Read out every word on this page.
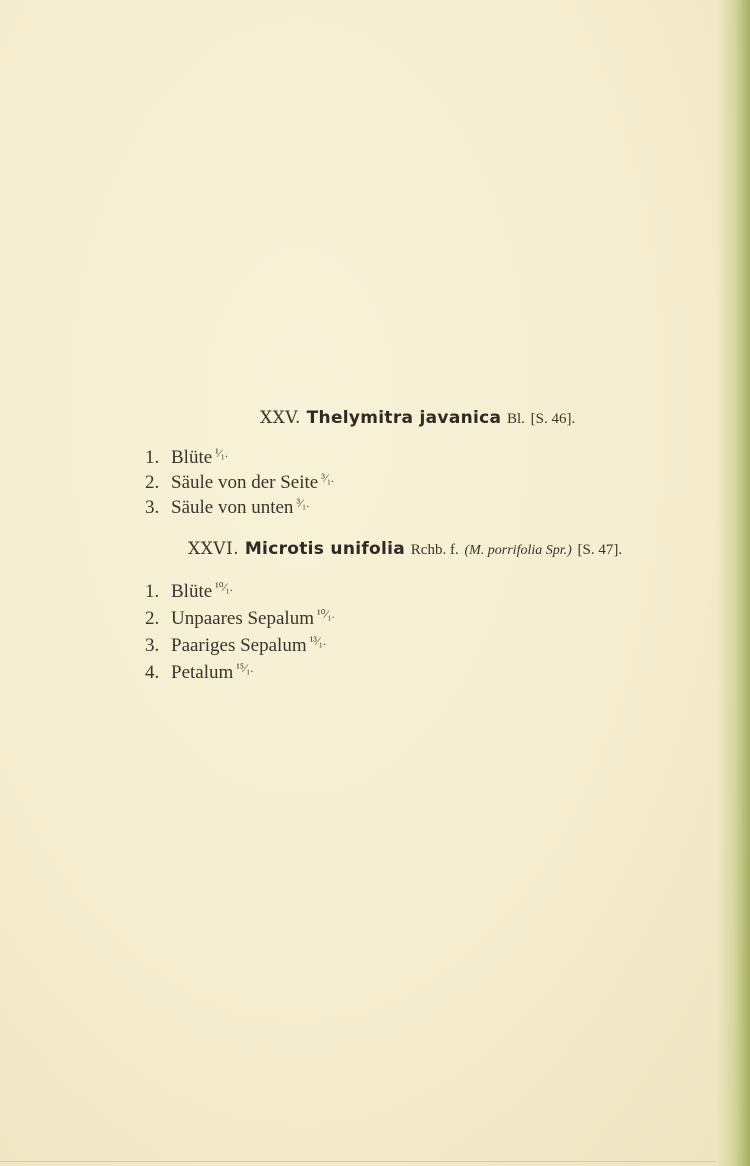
XXV. Thelymitra javanica Bl. [S. 46].
1. Blüte $^{^1⁄_1.}$
2. Säule von der Seite $^{^3⁄_1.}$
3. Säule von unten $^{^3⁄_1.}$
XXVI. Microtis unifolia Rchb. f. (M. porrifolia Spr.) [S. 47].
1. Blüte $^{^{10}⁄_1.}$
2. Unpaares Sepalum $^{^{10}⁄_1.}$
3. Paariges Sepalum $^{^{13}⁄_1.}$
4. Petalum $^{^{15}⁄_1.}$
